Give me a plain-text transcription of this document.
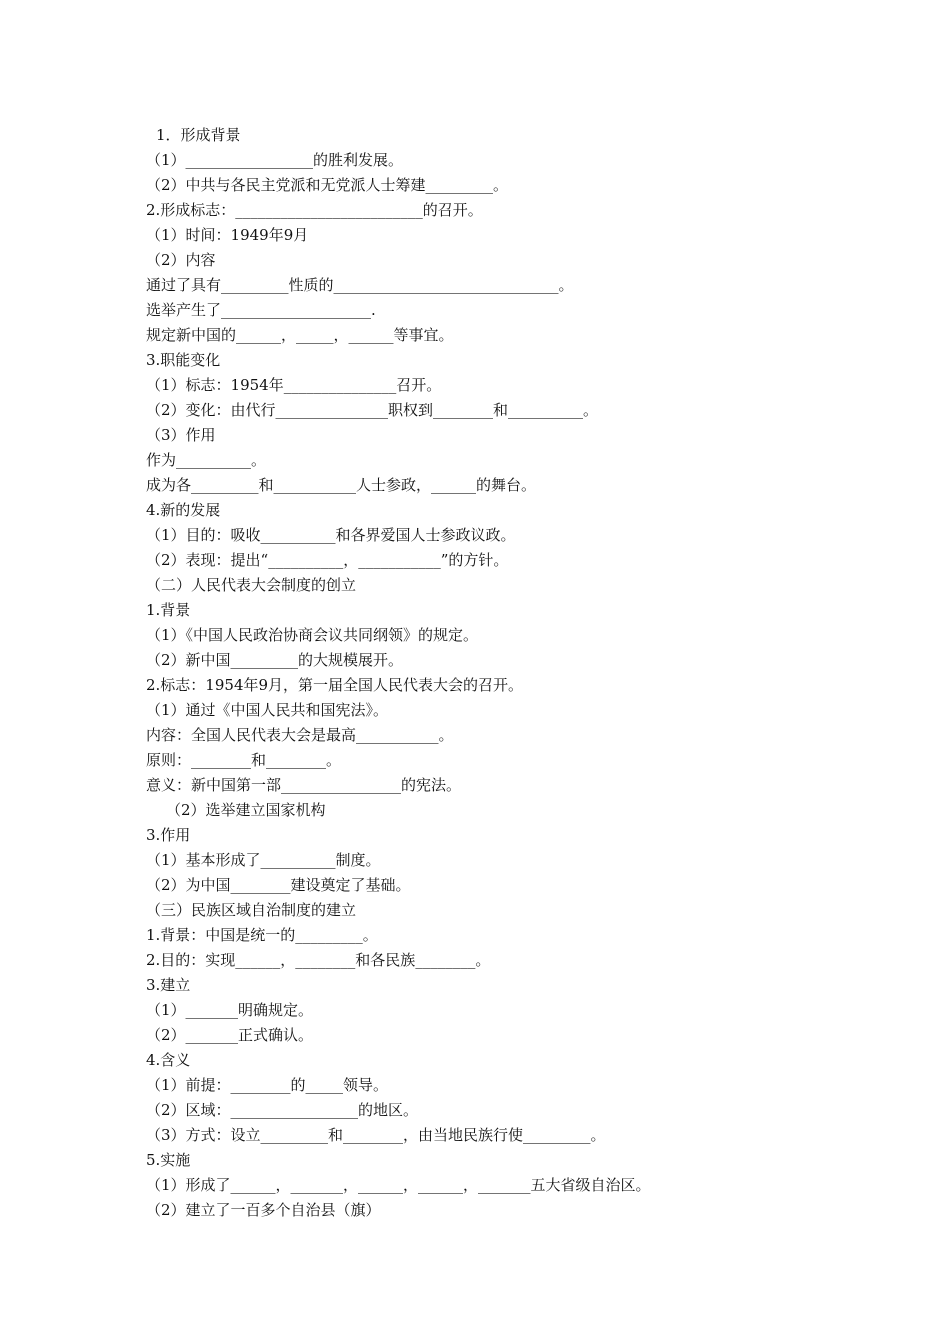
1．形成背景
（1）_________________的胜利发展。
（2）中共与各民主党派和无党派人士筹建_________。
2.形成标志：_________________________的召开。
（1）时间：1949年9月
（2）内容
通过了具有_________性质的______________________________。
选举产生了____________________.
规定新中国的______，_____，______等事宜。
3.职能变化
（1）标志：1954年_______________召开。
（2）变化：由代行_______________职权到________和__________。
（3）作用
作为__________。
成为各_________和___________人士参政，______的舞台。
4.新的发展
（1）目的：吸收__________和各界爱国人士参政议政。
（2）表现：提出“__________，___________”的方针。
（二）人民代表大会制度的创立
1.背景
（1）《中国人民政治协商会议共同纲领》的规定。
（2）新中国_________的大规模展开。
2.标志：1954年9月，第一届全国人民代表大会的召开。
（1）通过《中国人民共和国宪法》。
内容：全国人民代表大会是最高___________。
原则：________和________。
意义：新中国第一部________________的宪法。
（2）选举建立国家机构
3.作用
（1）基本形成了__________制度。
（2）为中国________建设奠定了基础。
（三）民族区域自治制度的建立
1.背景：中国是统一的_________。
2.目的：实现______，________和各民族________。
3.建立
（1）_______明确规定。
（2）_______正式确认。
4.含义
（1）前提：________的_____领导。
（2）区域：_________________的地区。
（3）方式：设立_________和________，由当地民族行使_________。
5.实施
（1）形成了______，_______，______，______，_______五大省级自治区。
（2）建立了一百多个自治县（旗）
